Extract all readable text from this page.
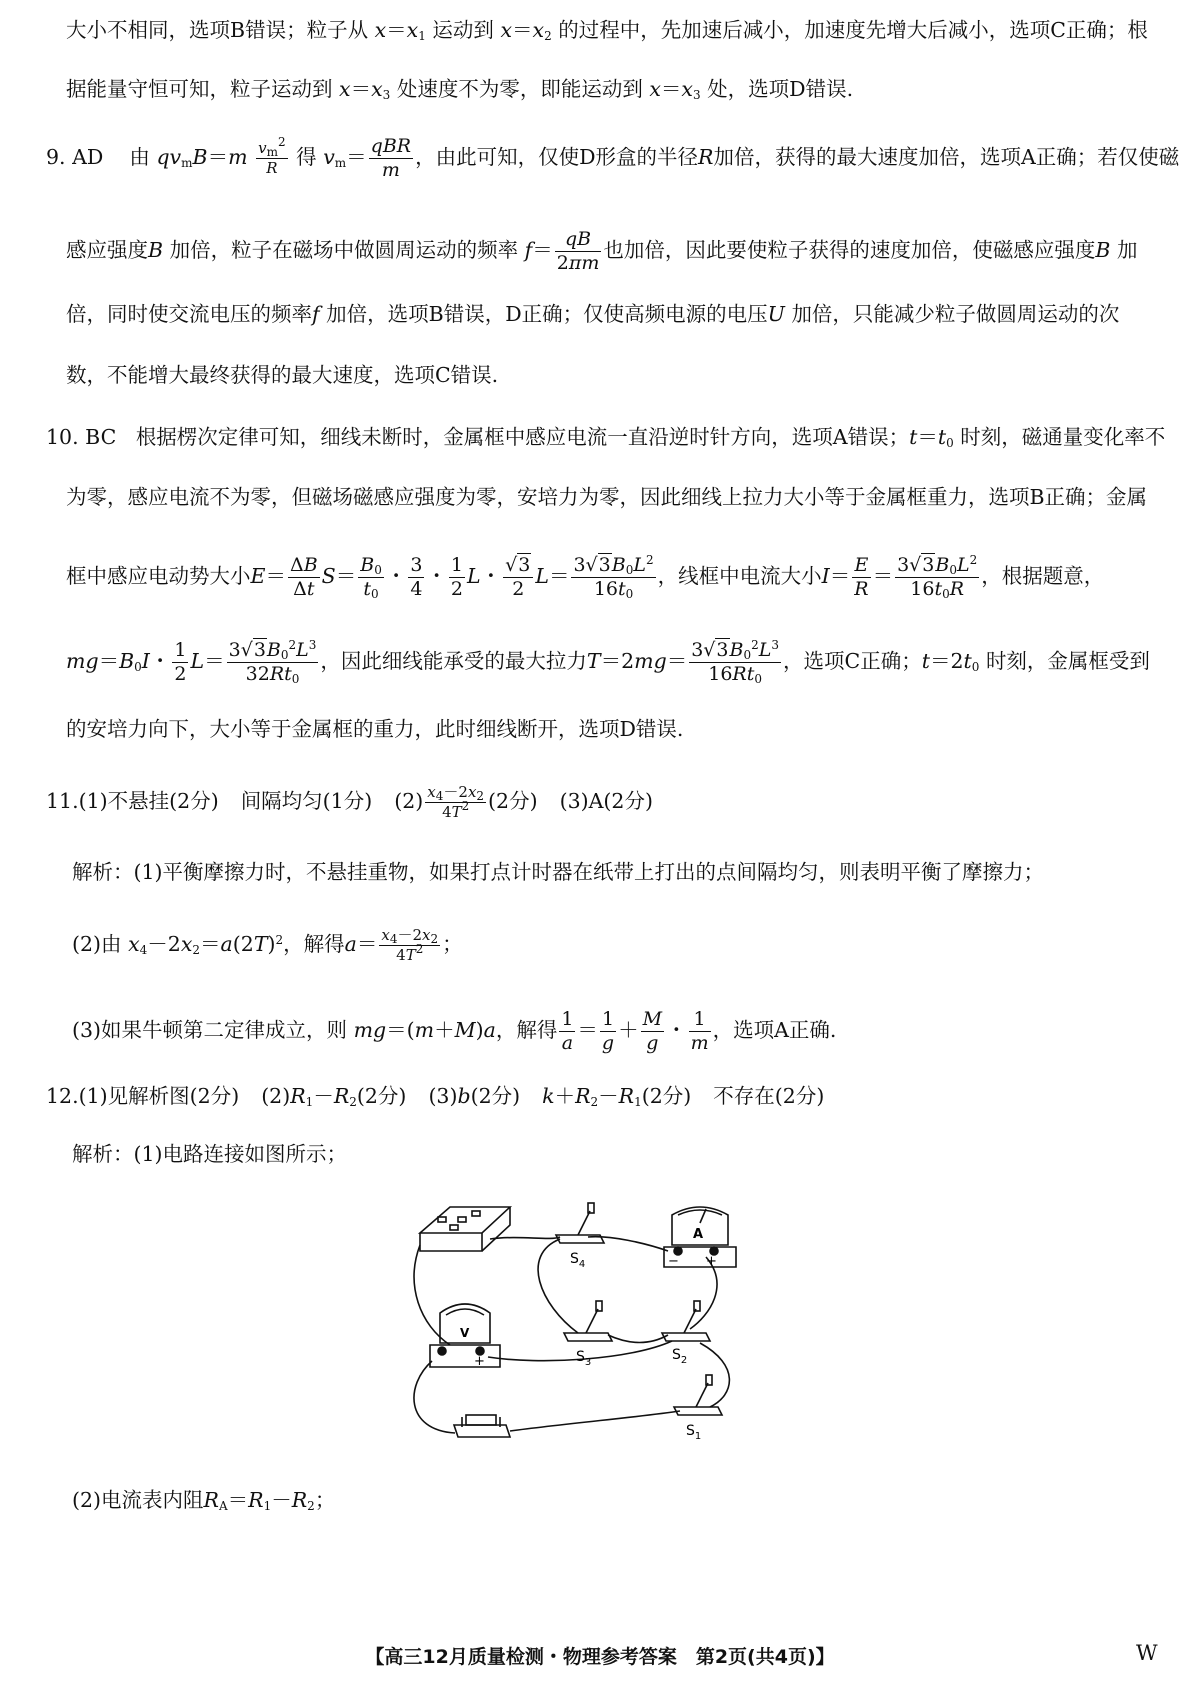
大小不相同，选项B错误；粒子从 $x=x_1$ 运动到 $x=x_2$ 的过程中，先加速后减小，加速度先增大后减小，选项C正确；根
据能量守恒可知，粒子运动到 $x=x_3$ 处速度不为零，即能运动到 $x=x_3$ 处，选项D错误.
9. AD 由 $qv_mB=m \frac{v_m^2}{R}$ 得 $v_m=$ qBR
m
，由此可知，仅使D形盒的半径R加倍，获得的最大速度加倍，选项A正确；若仅使磁
感应强度B 加倍，粒子在磁场中做圆周运动的频率 $f= \frac{qB}{2\pi m}$ 也加倍，因此要使粒子获得的速度加倍，使磁感应强度B 加
倍，同时使交流电压的频率f 加倍，选项B错误，D正确；仅使高频电源的电压U 加倍，只能减少粒子做圆周运动的次
数，不能增大最终获得的最大速度，选项C错误.
10. BC 根据楞次定律可知，细线未断时，金属框中感应电流一直沿逆时针方向，选项A错误；$t=t_0$ 时刻，磁通量变化率不
为零，感应电流不为零，但磁场磁感应强度为零，安培力为零，因此细线上拉力大小等于金属框重力，选项B正确；金属
框中感应电动势大小$E= \frac{\Delta B}{\Delta t} S= \frac{B_0}{t_0}$ ・ $\frac{3}{4}$ ・ $\frac{1}{2}$ L・ $\frac{√3}{2} L= \frac{3√3B_0L^2}{16t_0}$ ，线框中电流大小$I= \frac{E}{R} = \frac{3√3B_0L^2}{16t_0R}$ ，根据题意，
$mg=B_0I$・ $\frac{1}{2} L= \frac{3√3B_0^2L^3}{32Rt_0}$ ，因此细线能承受的最大拉力$T=2mg= \frac{3√3B_0^2L^3}{16Rt_0}$ ，选项C正确；$t=2t_0$ 时刻，金属框受到
的安培力向下，大小等于金属框的重力，此时细线断开，选项D错误.
11.(1)不悬挂(2分) 间隔均匀(1分) $(2) \frac{x_4-2x_2}{4T^2} (2$分) (3)A(2分)
解析：(1)平衡摩擦力时，不悬挂重物，如果打点计时器在纸带上打出的点间隔均匀，则表明平衡了摩擦力；
(2)由 $x_4-2x_2=a(2T)^2$，解得$a= \frac{x_4-2x_2}{4T^2}$ ；
(3)如果牛顿第二定律成立，则 mg＝(m＋M)a，解得 $\frac{1}{a} = \frac{1}{g} + \frac{M}{g}$ ・ $\frac{1}{m}$ ，选项A正确.
12.(1)见解析图(2分) $(2)R_1-R_2(2$分) (3)b(2分) $k+R_2-R_1(2$分) 不存在(2分)
解析：(1)电路连接如图所示；
A
V
− +
+
$S_4$
$S_3$	$S_2$
$S_1$
(2)电流表内阻$R_A=R_1-R_2$；
【高三12月质量检测・物理参考答案　第2页(共4页)】	W
